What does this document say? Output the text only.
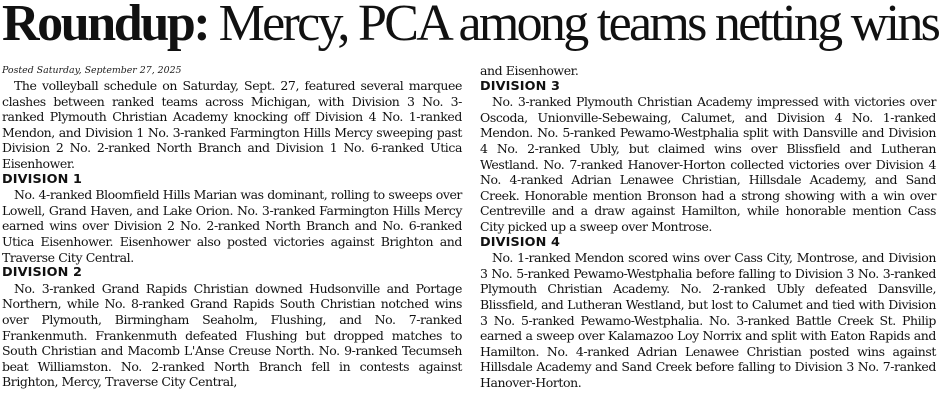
Roundup: Mercy, PCA among teams netting wins
Posted Saturday, September 27, 2025

The volleyball schedule on Saturday, Sept. 27, featured several marquee clashes between ranked teams across Michigan, with Division 3 No. 3-ranked Plymouth Christian Academy knocking off Division 4 No. 1-ranked Mendon, and Division 1 No. 3-ranked Farmington Hills Mercy sweeping past Division 2 No. 2-ranked North Branch and Division 1 No. 6-ranked Utica Eisenhower.

DIVISION 1

No. 4-ranked Bloomfield Hills Marian was dominant, rolling to sweeps over Lowell, Grand Haven, and Lake Orion. No. 3-ranked Farmington Hills Mercy earned wins over Division 2 No. 2-ranked North Branch and No. 6-ranked Utica Eisenhower. Eisenhower also posted victories against Brighton and Traverse City Central.

DIVISION 2

No. 3-ranked Grand Rapids Christian downed Hudsonville and Portage Northern, while No. 8-ranked Grand Rapids South Christian notched wins over Plymouth, Birmingham Seaholm, Flushing, and No. 7-ranked Frankenmuth. Frankenmuth defeated Flushing but dropped matches to South Christian and Macomb L'Anse Creuse North. No. 9-ranked Tecumseh beat Williamston. No. 2-ranked North Branch fell in contests against Brighton, Mercy, Traverse City Central,

and Eisenhower.

DIVISION 3

No. 3-ranked Plymouth Christian Academy impressed with victories over Oscoda, Unionville-Sebewaing, Calumet, and Division 4 No. 1-ranked Mendon. No. 5-ranked Pewamo-Westphalia split with Dansville and Division 4 No. 2-ranked Ubly, but claimed wins over Blissfield and Lutheran Westland. No. 7-ranked Hanover-Horton collected victories over Division 4 No. 4-ranked Adrian Lenawee Christian, Hillsdale Academy, and Sand Creek. Honorable mention Bronson had a strong showing with a win over Centreville and a draw against Hamilton, while honorable mention Cass City picked up a sweep over Montrose.

DIVISION 4

No. 1-ranked Mendon scored wins over Cass City, Montrose, and Division 3 No. 5-ranked Pewamo-Westphalia before falling to Division 3 No. 3-ranked Plymouth Christian Academy. No. 2-ranked Ubly defeated Dansville, Blissfield, and Lutheran Westland, but lost to Calumet and tied with Division 3 No. 5-ranked Pewamo-Westphalia. No. 3-ranked Battle Creek St. Philip earned a sweep over Kalamazoo Loy Norrix and split with Eaton Rapids and Hamilton. No. 4-ranked Adrian Lenawee Christian posted wins against Hillsdale Academy and Sand Creek before falling to Division 3 No. 7-ranked Hanover-Horton.
